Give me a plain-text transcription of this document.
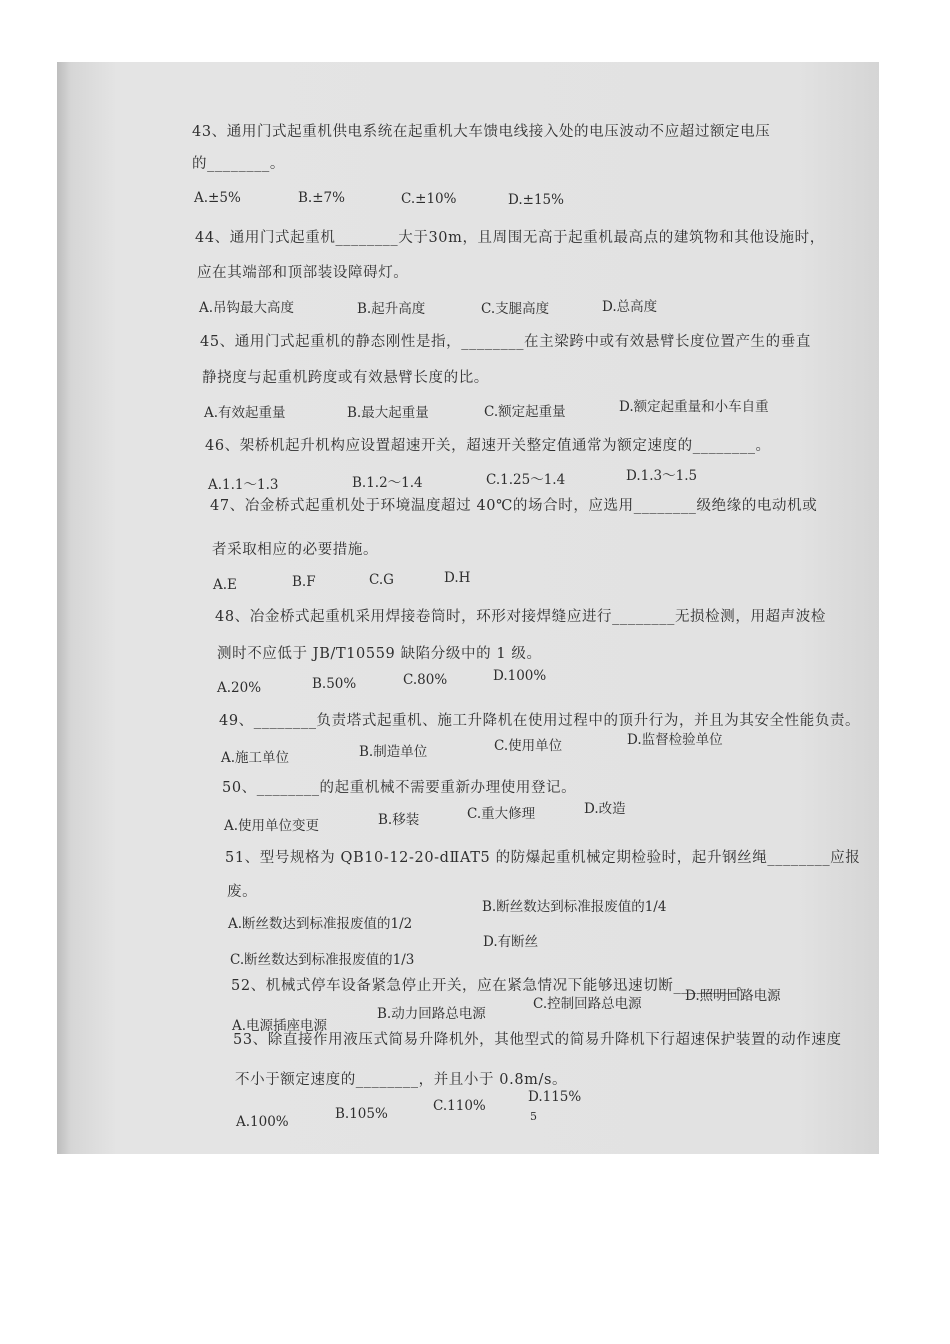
43、通用门式起重机供电系统在起重机大车馈电线接入处的电压波动不应超过额定电压
的________。
A.±5%	B.±7%	C.±10%	D.±15%
44、通用门式起重机________大于30m，且周围无高于起重机最高点的建筑物和其他设施时，
应在其端部和顶部装设障碍灯。
A.吊钩最大高度	B.起升高度	C.支腿高度	D.总高度
45、通用门式起重机的静态刚性是指，________在主梁跨中或有效悬臂长度位置产生的垂直
静挠度与起重机跨度或有效悬臂长度的比。
A.有效起重量	B.最大起重量	C.额定起重量	D.额定起重量和小车自重
46、架桥机起升机构应设置超速开关，超速开关整定值通常为额定速度的________。
A.1.1～1.3	B.1.2～1.4	C.1.25～1.4	D.1.3～1.5
47、冶金桥式起重机处于环境温度超过 40℃的场合时，应选用________级绝缘的电动机或
者采取相应的必要措施。
A.E	B.F	C.G	D.H
48、冶金桥式起重机采用焊接卷筒时，环形对接焊缝应进行________无损检测，用超声波检
测时不应低于 JB/T10559 缺陷分级中的 1 级。
A.20%	B.50%	C.80%	D.100%
49、________负责塔式起重机、施工升降机在使用过程中的顶升行为，并且为其安全性能负责。
A.施工单位	B.制造单位	C.使用单位	D.监督检验单位
50、________的起重机械不需要重新办理使用登记。
A.使用单位变更	B.移装	C.重大修理	D.改造
51、型号规格为 QB10-12-20-dⅡAT5 的防爆起重机械定期检验时，起升钢丝绳________应报
废。
A.断丝数达到标准报废值的1/2
B.断丝数达到标准报废值的1/4
C.断丝数达到标准报废值的1/3
D.有断丝
52、机械式停车设备紧急停止开关，应在紧急情况下能够迅速切断________。
A.电源插座电源
B.动力回路总电源
C.控制回路总电源	D.照明回路电源
53、除直接作用液压式简易升降机外，其他型式的简易升降机下行超速保护装置的动作速度
不小于额定速度的________，并且小于 0.8m/s。
A.100%	B.105%	C.110%
D.115%
5
